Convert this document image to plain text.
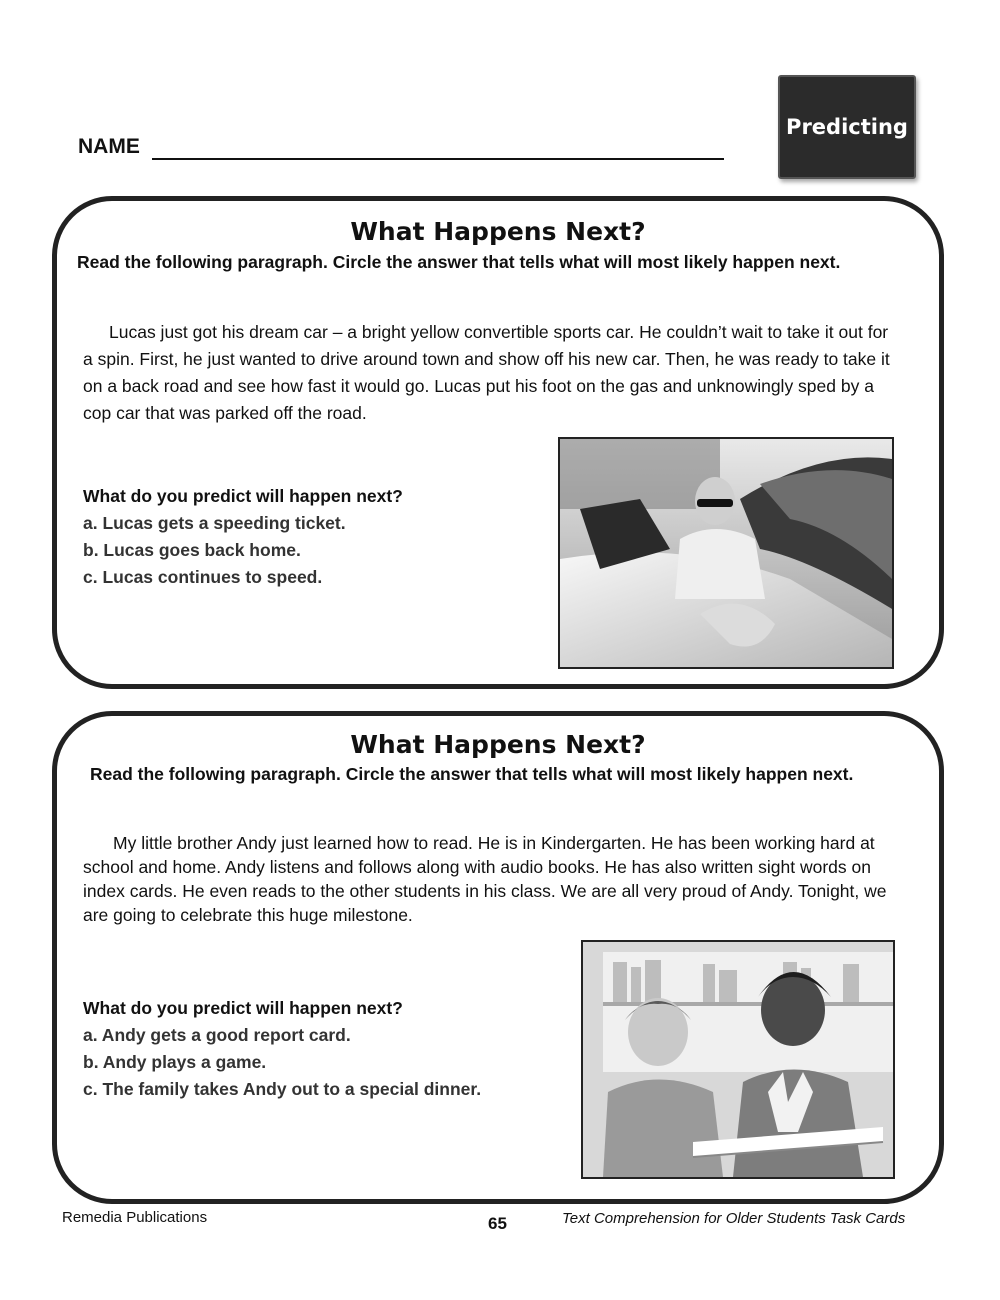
Predicting
NAME
What Happens Next?
Read the following paragraph. Circle the answer that tells what will most likely happen next.
Lucas just got his dream car – a bright yellow convertible sports car. He couldn’t wait to take it out for a spin. First, he just wanted to drive around town and show off his new car. Then, he was ready to take it on a back road and see how fast it would go. Lucas put his foot on the gas and unknowingly sped by a cop car that was parked off the road.
What do you predict will happen next?
a. Lucas gets a speeding ticket.
b. Lucas goes back home.
c. Lucas continues to speed.
What Happens Next?
Read the following paragraph. Circle the answer that tells what will most likely happen next.
My little brother Andy just learned how to read. He is in Kindergarten. He has been working hard at school and home. Andy listens and follows along with audio books. He has also written sight words on index cards. He even reads to the other students in his class. We are all very proud of Andy. Tonight, we are going to celebrate this huge milestone.
What do you predict will happen next?
a. Andy gets a good report card.
b. Andy plays a game.
c. The family takes Andy out to a special dinner.
Remedia Publications	65	Text Comprehension for Older Students Task Cards
